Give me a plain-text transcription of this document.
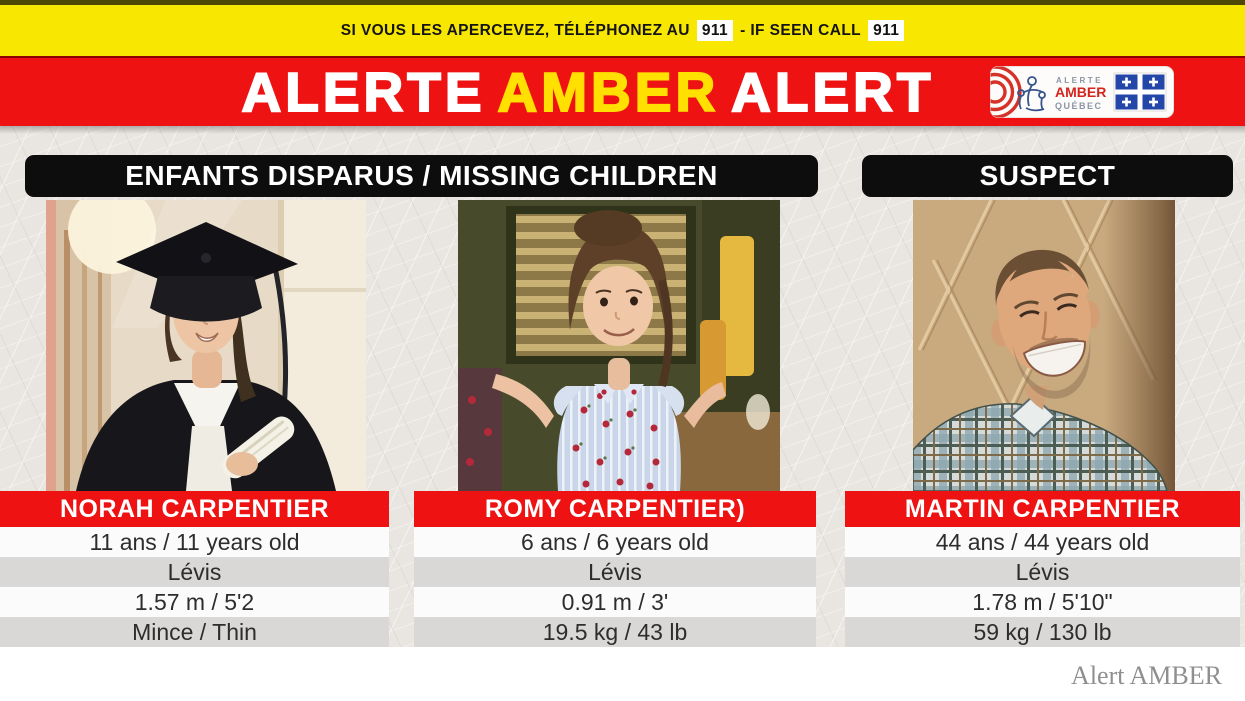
SI VOUS LES APERCEVEZ, TÉLÉPHONEZ AU 911 - IF SEEN CALL 911
ALERTE AMBER ALERT	ALERTE
AMBER
QUÉBEC
ENFANTS DISPARUS / MISSING CHILDREN	SUSPECT
NORAH CARPENTIER
11 ans / 11 years old
Lévis
1.57 m / 5'2
Mince / Thin
ROMY CARPENTIER)
6 ans / 6 years old
Lévis
0.91 m / 3'
19.5 kg / 43 lb
MARTIN CARPENTIER
44 ans / 44 years old
Lévis
1.78 m / 5'10"
59 kg / 130 lb
Alert AMBER
